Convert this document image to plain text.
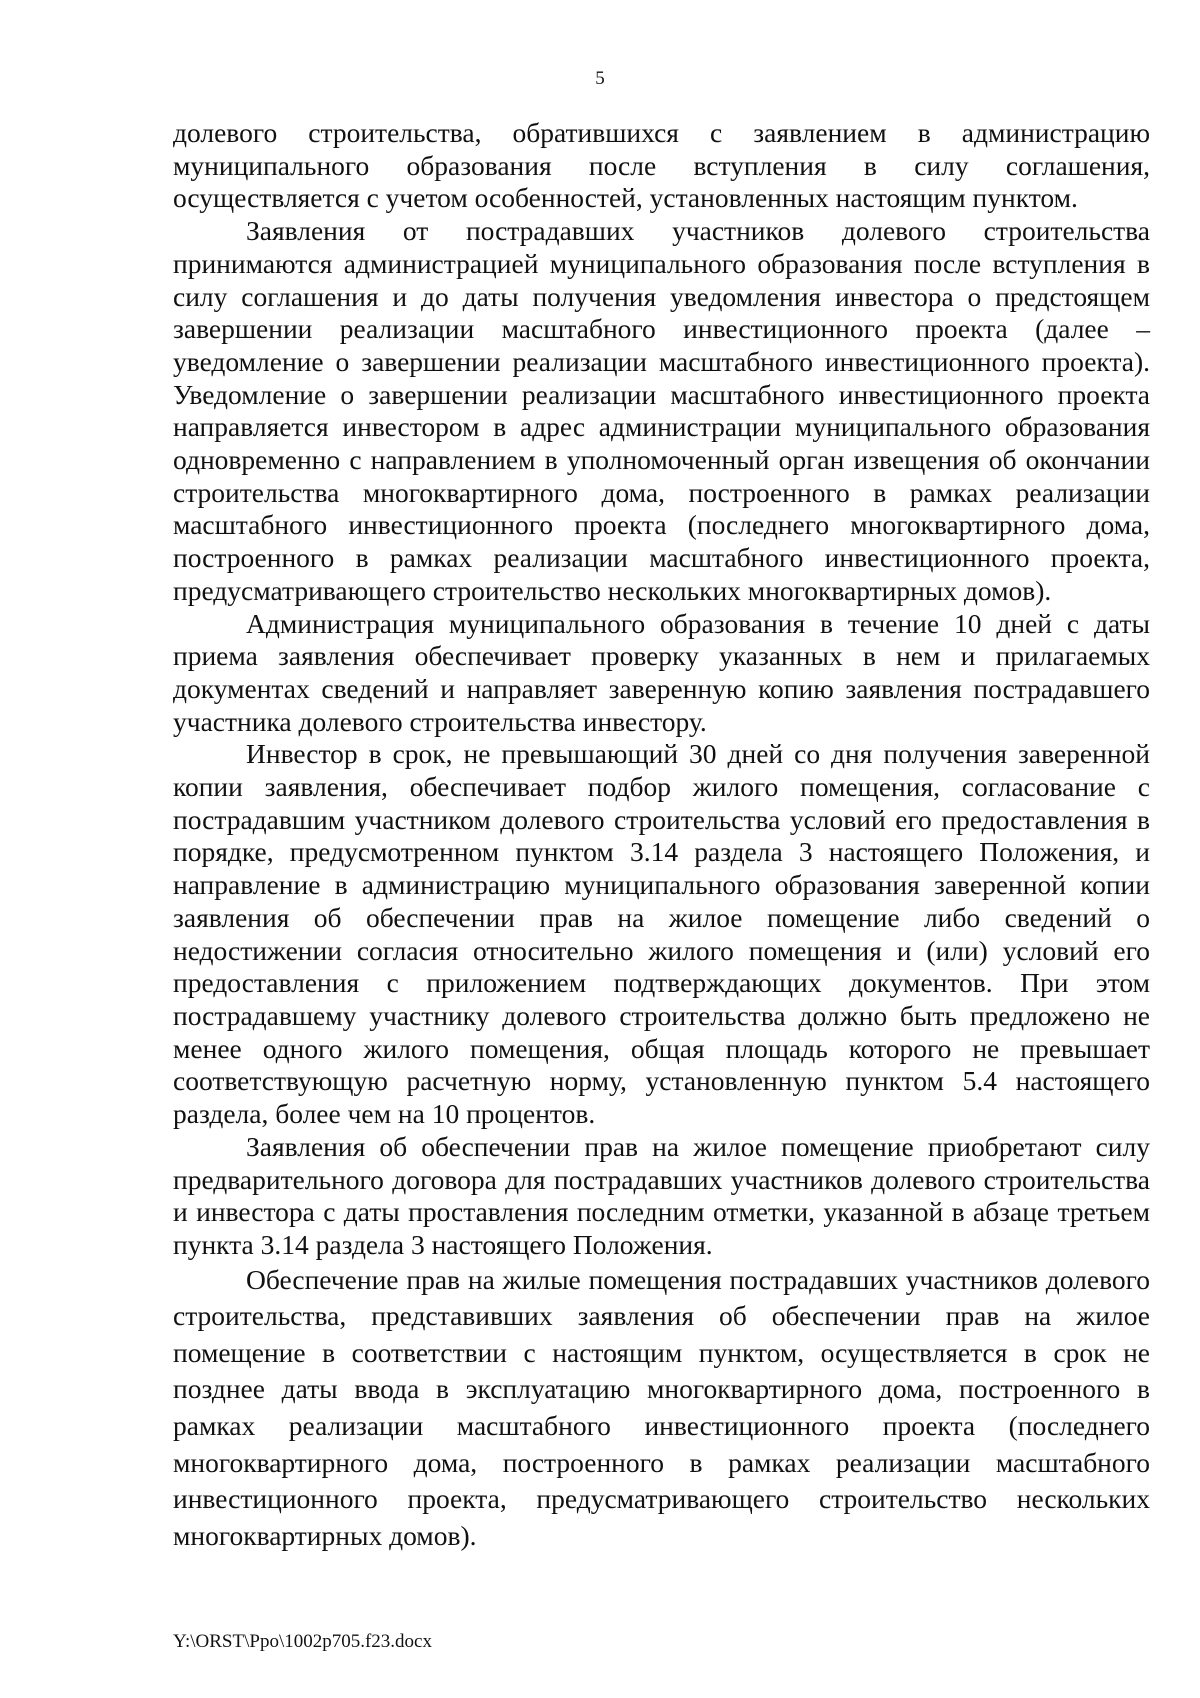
5

долевого строительства, обратившихся с заявлением в администрацию муниципального образования после вступления в силу соглашения, осуществляется с учетом особенностей, установленных настоящим пунктом.

Заявления от пострадавших участников долевого строительства принимаются администрацией муниципального образования после вступления в силу соглашения и до даты получения уведомления инвестора о предстоящем завершении реализации масштабного инвестиционного проекта (далее – уведомление о завершении реализации масштабного инвестиционного проекта). Уведомление о завершении реализации масштабного инвестиционного проекта направляется инвестором в адрес администрации муниципального образования одновременно с направлением в уполномоченный орган извещения об окончании строительства многоквартирного дома, построенного в рамках реализации масштабного инвестиционного проекта (последнего многоквартирного дома, построенного в рамках реализации масштабного инвестиционного проекта, предусматривающего строительство нескольких многоквартирных домов).

Администрация муниципального образования в течение 10 дней с даты приема заявления обеспечивает проверку указанных в нем и прилагаемых документах сведений и направляет заверенную копию заявления пострадавшего участника долевого строительства инвестору.

Инвестор в срок, не превышающий 30 дней со дня получения заверенной копии заявления, обеспечивает подбор жилого помещения, согласование с пострадавшим участником долевого строительства условий его предоставления в порядке, предусмотренном пунктом 3.14 раздела 3 настоящего Положения, и направление в администрацию муниципального образования заверенной копии заявления об обеспечении прав на жилое помещение либо сведений о недостижении согласия относительно жилого помещения и (или) условий его предоставления с приложением подтверждающих документов. При этом пострадавшему участнику долевого строительства должно быть предложено не менее одного жилого помещения, общая площадь которого не превышает соответствующую расчетную норму, установленную пунктом 5.4 настоящего раздела, более чем на 10 процентов.

Заявления об обеспечении прав на жилое помещение приобретают силу предварительного договора для пострадавших участников долевого строительства и инвестора с даты проставления последним отметки, указанной в абзаце третьем пункта 3.14 раздела 3 настоящего Положения.

Обеспечение прав на жилые помещения пострадавших участников долевого строительства, представивших заявления об обеспечении прав на жилое помещение в соответствии с настоящим пунктом, осуществляется в срок не позднее даты ввода в эксплуатацию многоквартирного дома, построенного в рамках реализации масштабного инвестиционного проекта (последнего многоквартирного дома, построенного в рамках реализации масштабного инвестиционного проекта, предусматривающего строительство нескольких многоквартирных домов).

Y:\ORST\Ppo\1002p705.f23.docx
